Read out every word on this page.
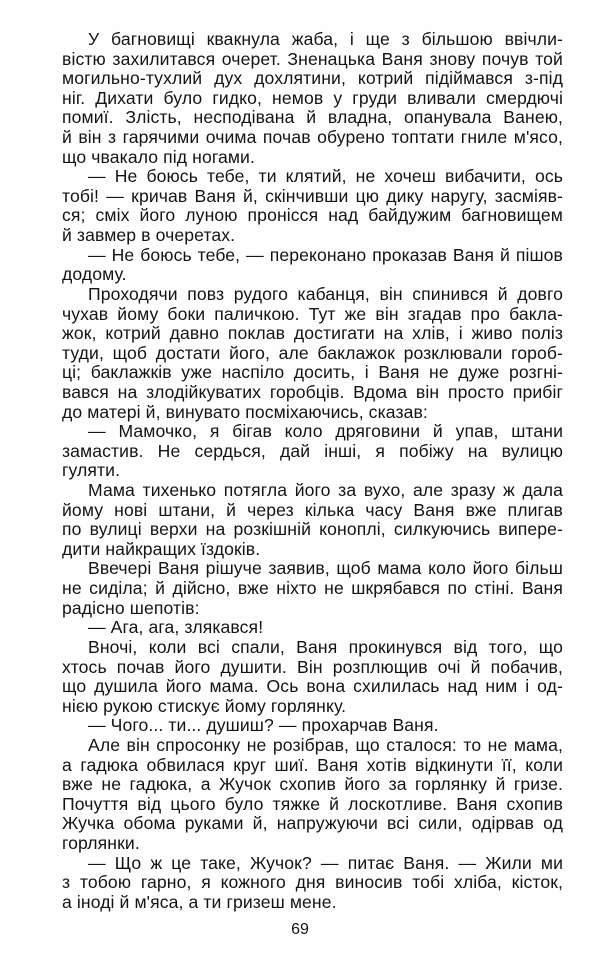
У багновищі квакнула жаба, і ще з більшою ввічли-
вістю захилитався очерет. Зненацька Ваня знову почув той
могильно-тухлий дух дохлятини, котрий підіймався з-під
ніг. Дихати було гидко, немов у груди вливали смердючі
помиї. Злість, несподівана й владна, опанувала Ванею,
й він з гарячими очима почав обурено топтати гниле м'ясо,
що чвакало під ногами.
— Не боюсь тебе, ти клятий, не хочеш вибачити, ось
тобі! — кричав Ваня й, скінчивши цю дику наругу, засміяв-
ся; сміх його луною пронісся над байдужим багновищем
й завмер в очеретах.
— Не боюсь тебе, — переконано проказав Ваня й пішов
додому.
Проходячи повз рудого кабанця, він спинився й довго
чухав йому боки паличкою. Тут же він згадав про бакла-
жок, котрий давно поклав достигати на хлів, і живо поліз
туди, щоб достати його, але баклажок розклювали гороб-
ці; баклажків уже наспіло досить, і Ваня не дуже розгні-
вався на злодійкуватих горобців. Вдома він просто прибіг
до матері й, винувато посміхаючись, сказав:
— Мамочко, я бігав коло дряговини й упав, штани
замастив. Не сердься, дай інші, я побіжу на вулицю
гуляти.
Мама тихенько потягла його за вухо, але зразу ж дала
йому нові штани, й через кілька часу Ваня вже плигав
по вулиці верхи на розкішній коноплі, силкуючись випере-
дити найкращих їздоків.
Ввечері Ваня рішуче заявив, щоб мама коло його більш
не сиділа; й дійсно, вже ніхто не шкрябався по стіні. Ваня
радісно шепотів:
— Ага, ага, злякався!
Вночі, коли всі спали, Ваня прокинувся від того, що
хтось почав його душити. Він розплющив очі й побачив,
що душила його мама. Ось вона схилилась над ним і од-
нією рукою стискує йому горлянку.
— Чого... ти... душиш? — прохарчав Ваня.
Але він спросонку не розібрав, що сталося: то не мама,
а гадюка обвилася круг шиї. Ваня хотів відкинути її, коли
вже не гадюка, а Жучок схопив його за горлянку й гризе.
Почуття від цього було тяжке й лоскотливе. Ваня схопив
Жучка обома руками й, напружуючи всі сили, одірвав од
горлянки.
— Що ж це таке, Жучок? — питає Ваня. — Жили ми
з тобою гарно, я кожного дня виносив тобі хліба, кісток,
а іноді й м'яса, а ти гризеш мене.
69
